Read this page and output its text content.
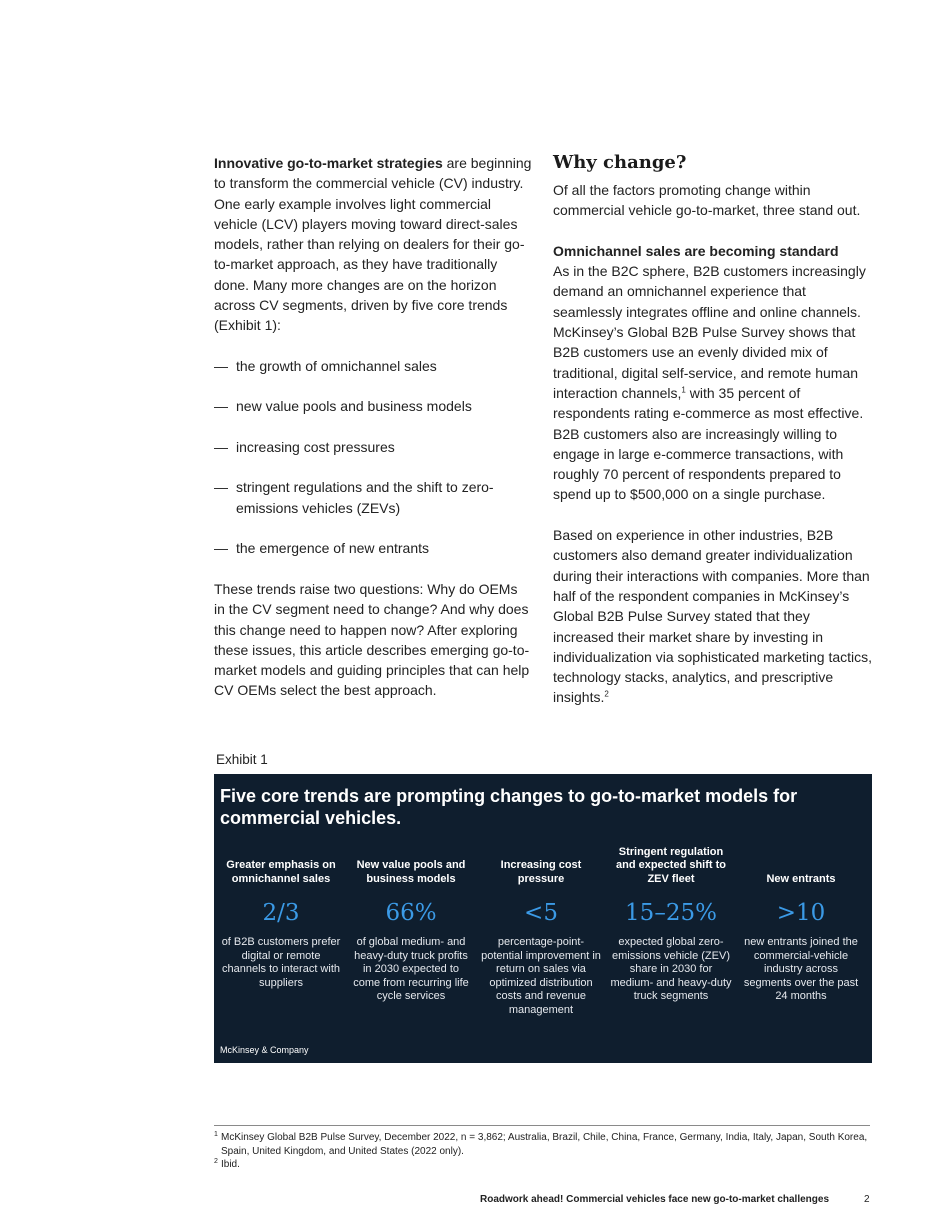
Innovative go-to-market strategies are beginning to transform the commercial vehicle (CV) industry. One early example involves light commercial vehicle (LCV) players moving toward direct-sales models, rather than relying on dealers for their go-to-market approach, as they have traditionally done. Many more changes are on the horizon across CV segments, driven by five core trends (Exhibit 1):

— the growth of omnichannel sales
— new value pools and business models
— increasing cost pressures
— stringent regulations and the shift to zero-emissions vehicles (ZEVs)
— the emergence of new entrants

These trends raise two questions: Why do OEMs in the CV segment need to change? And why does this change need to happen now? After exploring these issues, this article describes emerging go-to-market models and guiding principles that can help CV OEMs select the best approach.

Why change?

Of all the factors promoting change within commercial vehicle go-to-market, three stand out.

Omnichannel sales are becoming standard

As in the B2C sphere, B2B customers increasingly demand an omnichannel experience that seamlessly integrates offline and online channels. McKinsey’s Global B2B Pulse Survey shows that B2B customers use an evenly divided mix of traditional, digital self-service, and remote human interaction channels,$^1$ with 35 percent of respondents rating e-commerce as most effective. B2B customers also are increasingly willing to engage in large e-commerce transactions, with roughly 70 percent of respondents prepared to spend up to $500,000 on a single purchase.

Based on experience in other industries, B2B customers also demand greater individualization during their interactions with companies. More than half of the respondent companies in McKinsey’s Global B2B Pulse Survey stated that they increased their market share by investing in individualization via sophisticated marketing tactics, technology stacks, analytics, and prescriptive insights.$^2$

Exhibit 1
Five core trends are prompting changes to go-to-market models for commercial vehicles.
Greater emphasis on omnichannel sales
2/3
of B2B customers prefer digital or remote channels to interact with suppliers
New value pools and business models
66%
of global medium- and heavy-duty truck profits in 2030 expected to come from recurring life cycle services
Increasing cost pressure
<5
percentage-point-potential improvement in return on sales via optimized distribution costs and revenue management
Stringent regulation and expected shift to ZEV fleet
15–25%
expected global zero-emissions vehicle (ZEV) share in 2030 for medium- and heavy-duty truck segments
New entrants
>10
new entrants joined the commercial-vehicle industry across segments over the past 24 months
McKinsey & Company
1 McKinsey Global B2B Pulse Survey, December 2022, n = 3,862; Australia, Brazil, Chile, China, France, Germany, India, Italy, Japan, South Korea, Spain, United Kingdom, and United States (2022 only).
2 Ibid.
Roadwork ahead! Commercial vehicles face new go-to-market challenges	2
